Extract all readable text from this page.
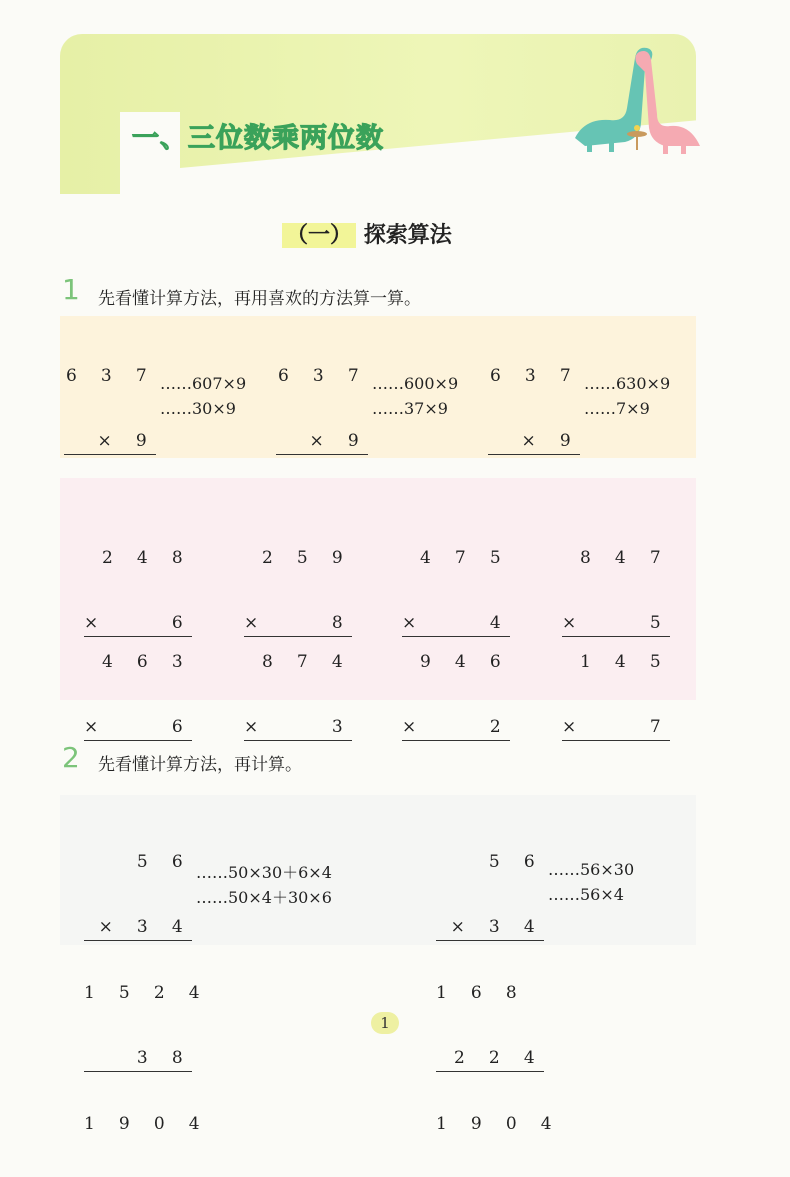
一、三位数乘两位数
（一） 探索算法
1 先看懂计算方法，再用喜欢的方法算一算。

6 3 7

× 9

……607×9
……30×9

6 3 7

× 9

……600×9
……37×9

6 3 7

× 9

……630×9
……7×9

2 4 8

×	6

2 5 9

×	8

4 7 5

×	4

8 4 7

×	5

4 6 3

×	6

8 7 4

×	3

9 4 6

×	2

1 4 5

×	7

2 先看懂计算方法，再计算。

5 6

× 3 4

1 5 2 4

3 8

1 9 0 4

……50×30＋6×4
……50×4＋30×6

5 6

× 3 4

1 6 8

2 2 4

1 9 0 4

……56×30
……56×4
1
